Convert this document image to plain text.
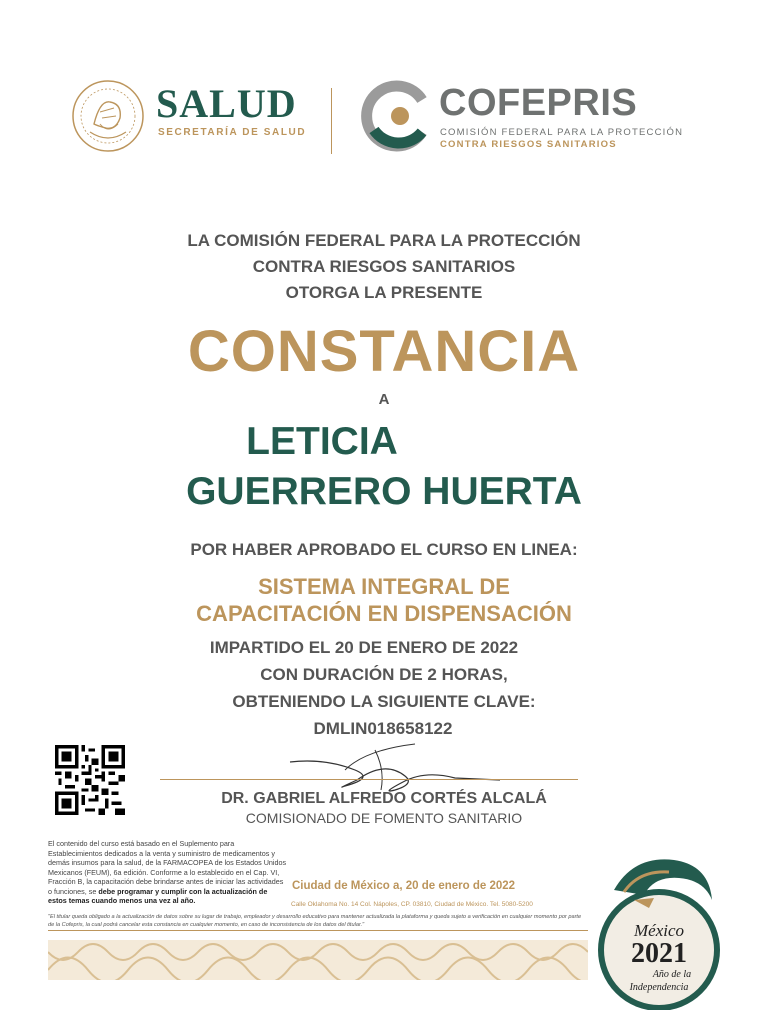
SALUD
SECRETARÍA DE SALUD
COFEPRIS
COMISIÓN FEDERAL PARA LA PROTECCIÓN
CONTRA RIESGOS SANITARIOS
LA COMISIÓN FEDERAL PARA LA PROTECCIÓN
CONTRA RIESGOS SANITARIOS
OTORGA LA PRESENTE
CONSTANCIA
A
LETICIA
GUERRERO HUERTA
POR HABER APROBADO EL CURSO EN LINEA:
SISTEMA INTEGRAL DE
CAPACITACIÓN EN DISPENSACIÓN
IMPARTIDO EL 20 DE ENERO DE 2022
CON DURACIÓN DE 2 HORAS,
OBTENIENDO LA SIGUIENTE CLAVE:
DMLIN018658122
DR. GABRIEL ALFREDO CORTÉS ALCALÁ
COMISIONADO DE FOMENTO SANITARIO
El contenido del curso está basado en el Suplemento para Establecimientos dedicados a la venta y suministro de medicamentos y demás insumos para la salud, de la FARMACOPEA de los Estados Unidos Mexicanos (FEUM), 6a edición. Conforme a lo establecido en el Cap. VI, Fracción B, la capacitación debe brindarse antes de iniciar las actividades o funciones, se debe programar y cumplir con la actualización de estos temas cuando menos una vez al año.
Ciudad de México a, 20 de enero de 2022
Calle Oklahoma No. 14 Col. Nápoles, CP. 03810, Ciudad de México. Tel. 5080-5200
"El titular queda obligado a la actualización de datos sobre su lugar de trabajo, empleador y desarrollo educativo para mantener actualizada la plataforma y queda sujeto a verificación en cualquier momento por parte de la Cofepris, la cual podrá cancelar esta constancia en cualquier momento, en caso de inconsistencia de los datos del titular."	México
2021
Año de la
Independencia
